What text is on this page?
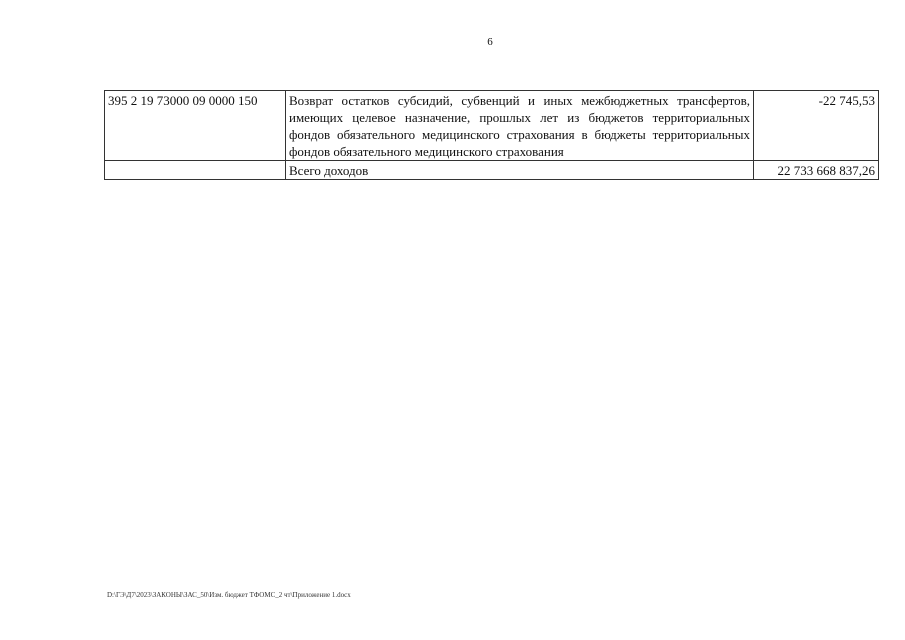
6
395 2 19 73000 09 0000 150	Возврат остатков субсидий, субвенций и иных межбюджетных трансфертов, имеющих целевое назначение, прошлых лет из бюджетов территориальных фондов обязательного медицинского страхования в бюджеты территориальных фондов обязательного медицинского страхования	-22 745,53
	Всего доходов	22 733 668 837,26
D:\ГЭ\Д7\2023\ЗАКОНЫ\ЗАС_50\Изм. бюджет ТФОМС_2 чт\Приложение 1.docx
